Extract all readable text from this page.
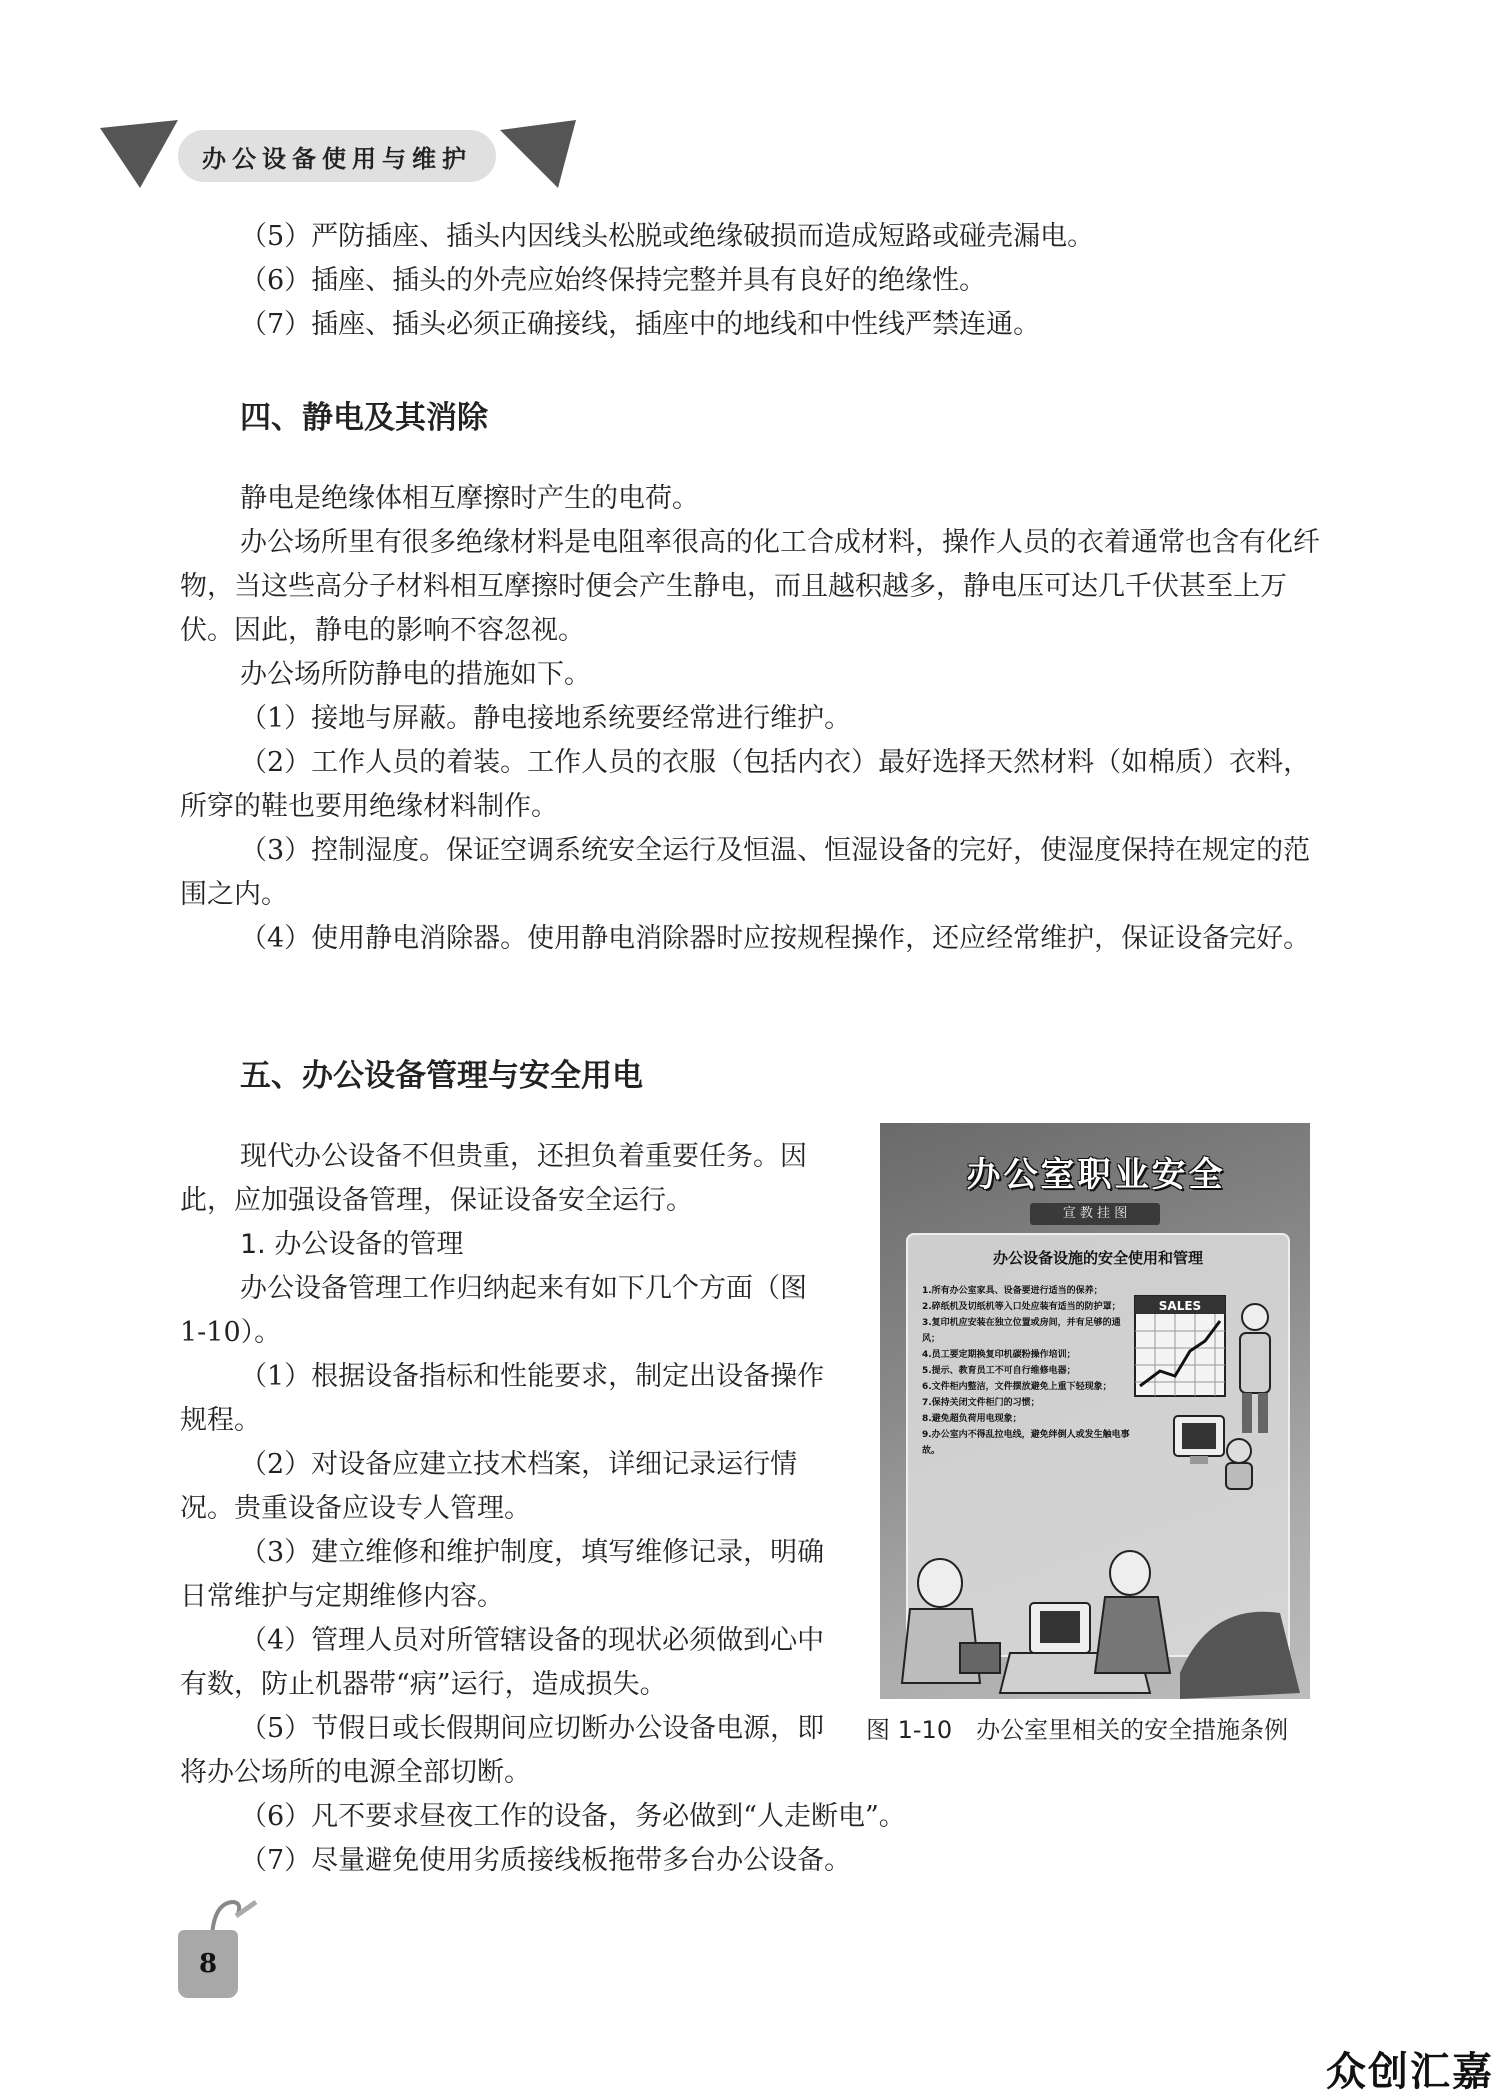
办公设备使用与维护

（5）严防插座、插头内因线头松脱或绝缘破损而造成短路或碰壳漏电。

（6）插座、插头的外壳应始终保持完整并具有良好的绝缘性。

（7）插座、插头必须正确接线，插座中的地线和中性线严禁连通。

四、静电及其消除

静电是绝缘体相互摩擦时产生的电荷。

办公场所里有很多绝缘材料是电阻率很高的化工合成材料，操作人员的衣着通常也含有化纤物，当这些高分子材料相互摩擦时便会产生静电，而且越积越多，静电压可达几千伏甚至上万伏。因此，静电的影响不容忽视。

办公场所防静电的措施如下。

（1）接地与屏蔽。静电接地系统要经常进行维护。

（2）工作人员的着装。工作人员的衣服（包括内衣）最好选择天然材料（如棉质）衣料，所穿的鞋也要用绝缘材料制作。

（3）控制湿度。保证空调系统安全运行及恒温、恒湿设备的完好，使湿度保持在规定的范围之内。

（4）使用静电消除器。使用静电消除器时应按规程操作，还应经常维护，保证设备完好。

五、办公设备管理与安全用电

现代办公设备不但贵重，还担负着重要任务。因此，应加强设备管理，保证设备安全运行。

1. 办公设备的管理

办公设备管理工作归纳起来有如下几个方面（图 1-10）。

（1）根据设备指标和性能要求，制定出设备操作规程。

（2）对设备应建立技术档案，详细记录运行情况。贵重设备应设专人管理。

（3）建立维修和维护制度，填写维修记录，明确日常维护与定期维修内容。

（4）管理人员对所管辖设备的现状必须做到心中有数，防止机器带“病”运行，造成损失。

（5）节假日或长假期间应切断办公设备电源，即将办公场所的电源全部切断。

（6）凡不要求昼夜工作的设备，务必做到“人走断电”。

（7）尽量避免使用劣质接线板拖带多台办公设备。

办公室职业安全
宣 教 挂 图
办公设备设施的安全使用和管理
1.所有办公室家具、设备要进行适当的保养；
2.碎纸机及切纸机等入口处应装有适当的防护罩；
3.复印机应安装在独立位置或房间，并有足够的通风；
4.员工要定期换复印机碳粉操作培训；
5.提示、教育员工不可自行维修电器；
6.文件柜内整洁，文件摆放避免上重下轻现象；
7.保持关闭文件柜门的习惯；
8.避免超负荷用电现象；
9.办公室内不得乱拉电线，避免绊倒人或发生触电事故。
SALES
图 1-10　办公室里相关的安全措施条例
8
众创汇嘉
